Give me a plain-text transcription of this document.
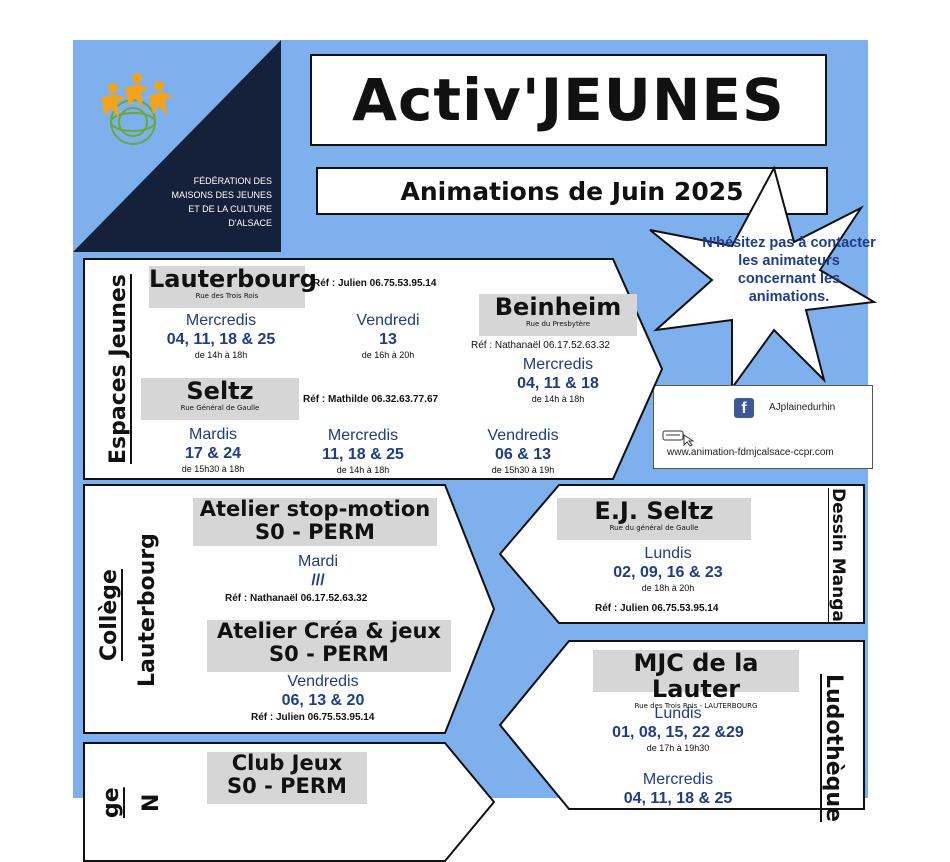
FÉDÉRATION DES
MAISONS DES JEUNES
ET DE LA CULTURE
D'ALSACE
Activ'JEUNES
Animations de Juin 2025
N'hésitez pas à contacter les animateurs concernant les animations.
f	AJplainedurhin
www.animation-fdmjcalsace-ccpr.com
Espaces Jeunes Lauterbourg
Rue des Trois Rois
Réf : Julien 06.75.53.95.14
Mercredis
04, 11, 18 & 25
de 14h à 18h
Vendredi
13
de 16h à 20h
Beinheim
Rue du Presbytère
Réf : Nathanaël 06.17.52.63.32
Mercredis
04, 11 & 18
de 14h à 18h
Seltz
Rue Général de Gaulle
Réf : Mathilde 06.32.63.77.67
Mardis
17 & 24
de 15h30 à 18h
Mercredis
11, 18 & 25
de 14h à 18h
Vendredis
06 & 13
de 15h30 à 19h
Collège Lauterbourg
Atelier stop-motion
S0 - PERM
Mardi
///
Réf : Nathanaël 06.17.52.63.32
Atelier Créa & jeux
S0 - PERM
Vendredis
06, 13 & 20
Réf : Julien 06.75.53.95.14
E.J. Seltz
Rue du général de Gaulle
Lundis
02, 09, 16 & 23
de 18h à 20h
Réf : Julien 06.75.53.95.14	Dessin Manga
MJC de la Lauter
Rue des Trois Rois - LAUTERBOURG
Lundis
01, 08, 15, 22 &29
de 17h à 19h30
Mercredis
04, 11, 18 & 25	Ludothèque
ge N
Club Jeux
S0 - PERM
